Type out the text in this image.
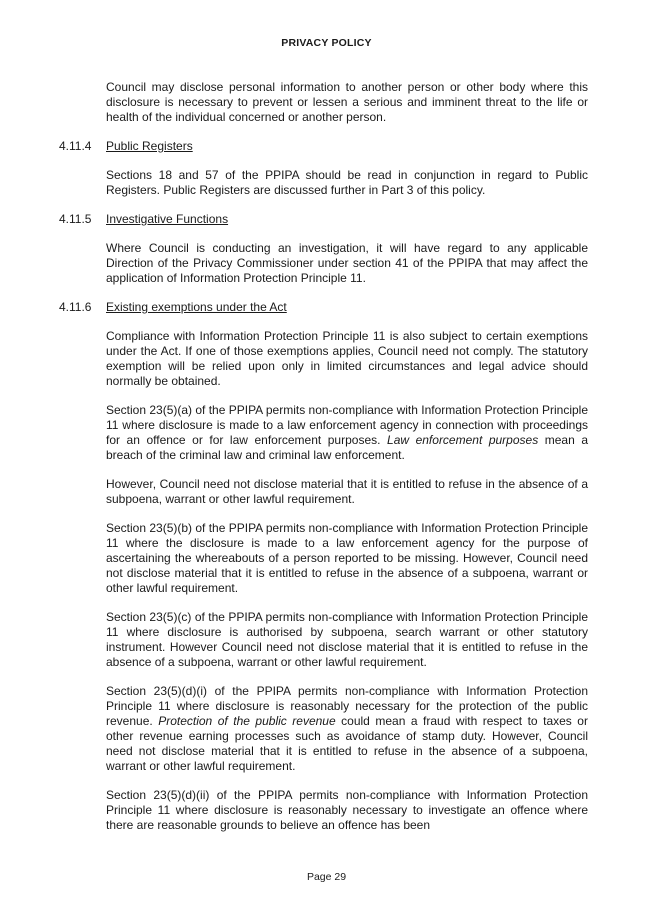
PRIVACY POLICY

Council may disclose personal information to another person or other body where this disclosure is necessary to prevent or lessen a serious and imminent threat to the life or health of the individual concerned or another person.

4.11.4 Public Registers

Sections 18 and 57 of the PPIPA should be read in conjunction in regard to Public Registers. Public Registers are discussed further in Part 3 of this policy.

4.11.5 Investigative Functions

Where Council is conducting an investigation, it will have regard to any applicable Direction of the Privacy Commissioner under section 41 of the PPIPA that may affect the application of Information Protection Principle 11.

4.11.6 Existing exemptions under the Act

Compliance with Information Protection Principle 11 is also subject to certain exemptions under the Act. If one of those exemptions applies, Council need not comply. The statutory exemption will be relied upon only in limited circumstances and legal advice should normally be obtained.

Section 23(5)(a) of the PPIPA permits non-compliance with Information Protection Principle 11 where disclosure is made to a law enforcement agency in connection with proceedings for an offence or for law enforcement purposes. Law enforcement purposes mean a breach of the criminal law and criminal law enforcement.

However, Council need not disclose material that it is entitled to refuse in the absence of a subpoena, warrant or other lawful requirement.

Section 23(5)(b) of the PPIPA permits non-compliance with Information Protection Principle 11 where the disclosure is made to a law enforcement agency for the purpose of ascertaining the whereabouts of a person reported to be missing. However, Council need not disclose material that it is entitled to refuse in the absence of a subpoena, warrant or other lawful requirement.

Section 23(5)(c) of the PPIPA permits non-compliance with Information Protection Principle 11 where disclosure is authorised by subpoena, search warrant or other statutory instrument. However Council need not disclose material that it is entitled to refuse in the absence of a subpoena, warrant or other lawful requirement.

Section 23(5)(d)(i) of the PPIPA permits non-compliance with Information Protection Principle 11 where disclosure is reasonably necessary for the protection of the public revenue. Protection of the public revenue could mean a fraud with respect to taxes or other revenue earning processes such as avoidance of stamp duty. However, Council need not disclose material that it is entitled to refuse in the absence of a subpoena, warrant or other lawful requirement.

Section 23(5)(d)(ii) of the PPIPA permits non-compliance with Information Protection Principle 11 where disclosure is reasonably necessary to investigate an offence where there are reasonable grounds to believe an offence has been

Page 29
